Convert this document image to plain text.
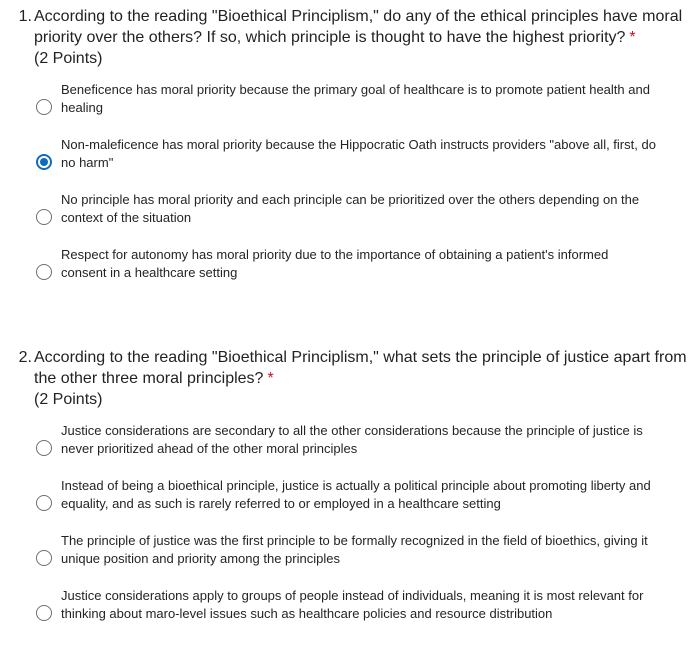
1. According to the reading "Bioethical Principlism," do any of the ethical principles have moral priority over the others? If so, which principle is thought to have the highest priority? *
(2 Points)
Beneficence has moral priority because the primary goal of healthcare is to promote patient health and healing
Non-maleficence has moral priority because the Hippocratic Oath instructs providers "above all, first, do no harm"
No principle has moral priority and each principle can be prioritized over the others depending on the context of the situation
Respect for autonomy has moral priority due to the importance of obtaining a patient's informed consent in a healthcare setting
2. According to the reading "Bioethical Principlism," what sets the principle of justice apart from the other three moral principles? *
(2 Points)
Justice considerations are secondary to all the other considerations because the principle of justice is never prioritized ahead of the other moral principles
Instead of being a bioethical principle, justice is actually a political principle about promoting liberty and equality, and as such is rarely referred to or employed in a healthcare setting
The principle of justice was the first principle to be formally recognized in the field of bioethics, giving it unique position and priority among the principles
Justice considerations apply to groups of people instead of individuals, meaning it is most relevant for thinking about maro-level issues such as healthcare policies and resource distribution
